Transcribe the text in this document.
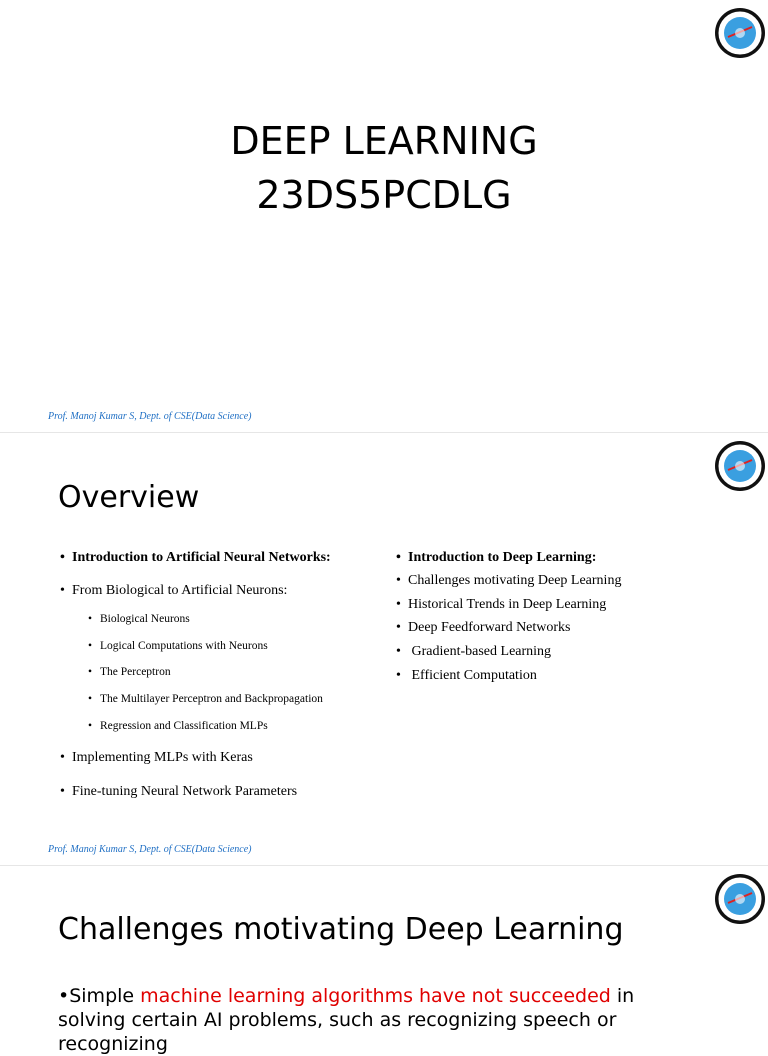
DEEP LEARNING
23DS5PCDLG
Prof. Manoj Kumar S, Dept. of CSE(Data Science)
Overview
• Introduction to Artificial Neural Networks:
• From Biological to Artificial Neurons:
• Biological Neurons
• Logical Computations with Neurons
• The Perceptron
• The Multilayer Perceptron and Backpropagation
• Regression and Classification MLPs
• Implementing MLPs with Keras
• Fine-tuning Neural Network Parameters
• Introduction to Deep Learning:
• Challenges motivating Deep Learning
• Historical Trends in Deep Learning
• Deep Feedforward Networks
• Gradient-based Learning
• Efficient Computation
Prof. Manoj Kumar S, Dept. of CSE(Data Science)
Challenges motivating Deep Learning
•Simple machine learning algorithms have not succeeded in solving certain AI problems, such as recognizing speech or recognizing
